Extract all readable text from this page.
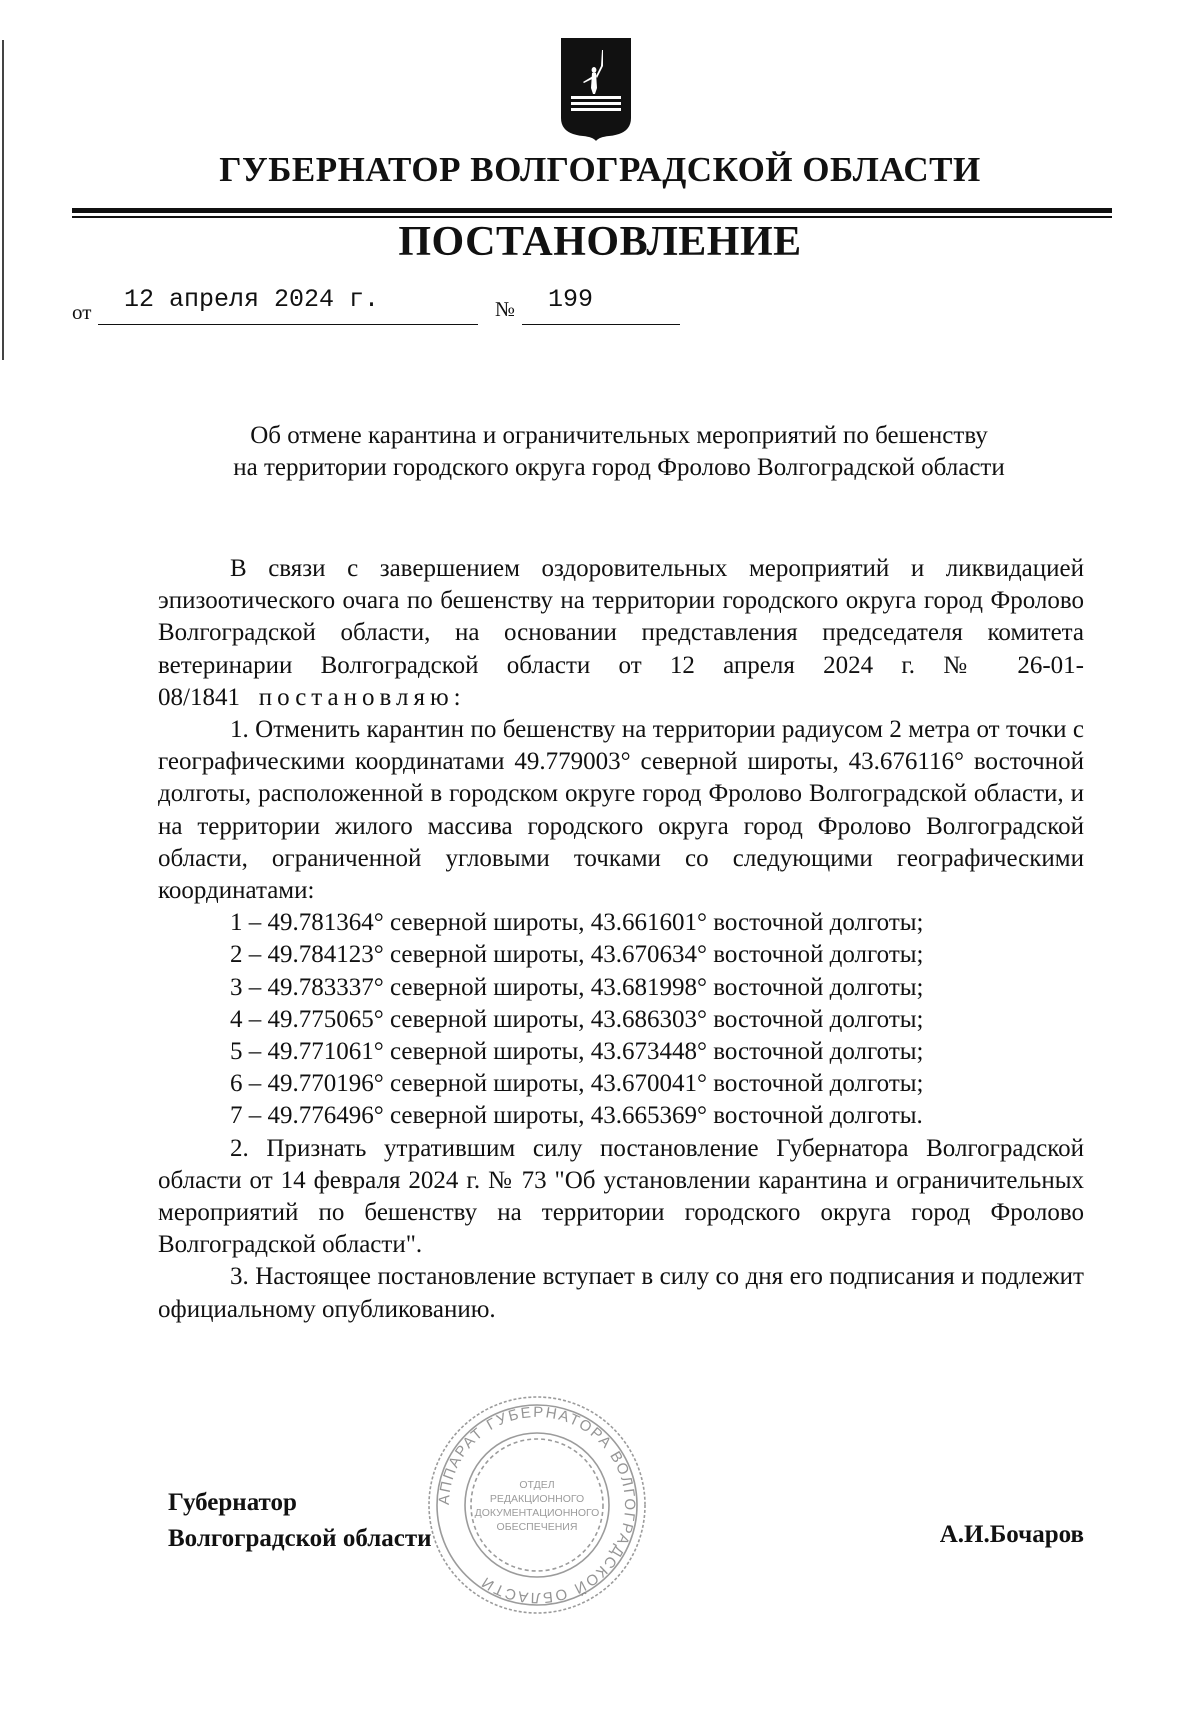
ГУБЕРНАТОР ВОЛГОГРАДСКОЙ ОБЛАСТИ
ПОСТАНОВЛЕНИЕ
от 12 апреля 2024 г.	№ 199
Об отмене карантина и ограничительных мероприятий по бешенству
на территории городского округа город Фролово Волгоградской области

В связи с завершением оздоровительных мероприятий и ликвидацией эпизоотического очага по бешенству на территории городского округа город Фролово Волгоградской области, на основании представления председателя комитета ветеринарии Волгоградской области от 12 апреля 2024 г. № 26-01-08/1841 постановляю:

1. Отменить карантин по бешенству на территории радиусом 2 метра от точки с географическими координатами 49.779003° северной широты, 43.676116° восточной долготы, расположенной в городском округе город Фролово Волгоградской области, и на территории жилого массива городского округа город Фролово Волгоградской области, ограниченной угловыми точками со следующими географическими координатами:

1 – 49.781364° северной широты, 43.661601° восточной долготы;

2 – 49.784123° северной широты, 43.670634° восточной долготы;

3 – 49.783337° северной широты, 43.681998° восточной долготы;

4 – 49.775065° северной широты, 43.686303° восточной долготы;

5 – 49.771061° северной широты, 43.673448° восточной долготы;

6 – 49.770196° северной широты, 43.670041° восточной долготы;

7 – 49.776496° северной широты, 43.665369° восточной долготы.

2. Признать утратившим силу постановление Губернатора Волгоградской области от 14 февраля 2024 г. № 73 "Об установлении карантина и ограничительных мероприятий по бешенству на территории городского округа город Фролово Волгоградской области".

3. Настоящее постановление вступает в силу со дня его подписания и подлежит официальному опубликованию.

АППАРАТ ГУБЕРНАТОРА ВОЛГОГРАДСКОЙ ОБЛАСТИ
ОТДЕЛ
РЕДАКЦИОННОГО
ДОКУМЕНТАЦИОННОГО
ОБЕСПЕЧЕНИЯ
Губернатор
Волгоградской области	А.И.Бочаров
